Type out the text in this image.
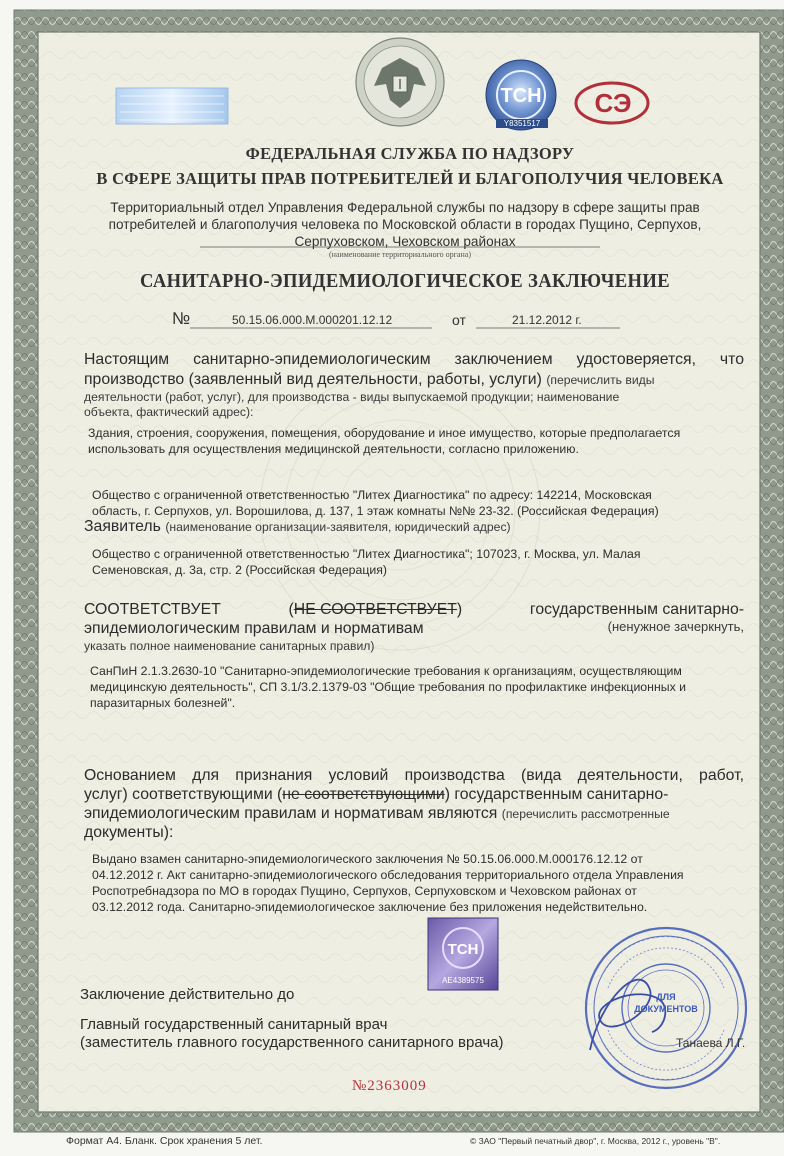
ТСН
ТСН
СЭ
Y8351517
ФЕДЕРАЛЬНАЯ СЛУЖБА ПО НАДЗОРУ
В СФЕРЕ ЗАЩИТЫ ПРАВ ПОТРЕБИТЕЛЕЙ И БЛАГОПОЛУЧИЯ ЧЕЛОВЕКА
Территориальный отдел Управления Федеральной службы по надзору в сфере защиты прав
потребителей и благополучия человека по Московской области в городах Пущино, Серпухов,
Серпуховском, Чеховском районах
(наименование территориального органа)
САНИТАРНО-ЭПИДЕМИОЛОГИЧЕСКОЕ ЗАКЛЮЧЕНИЕ
№	50.15.06.000.М.000201.12.12	от	21.12.2012 г.
Настоящим санитарно-эпидемиологическим заключением удостоверяется, что
производство (заявленный вид деятельности, работы, услуги) (перечислить виды
деятельности (работ, услуг), для производства - виды выпускаемой продукции; наименование
объекта, фактический адрес):
Здания, строения, сооружения, помещения, оборудование и иное имущество, которые предполагается
использовать для осуществления медицинской деятельности, согласно приложению.
Общество с ограниченной ответственностью "Литех Диагностика" по адресу: 142214, Московская
область, г. Серпухов, ул. Ворошилова, д. 137, 1 этаж комнаты №№ 23-32. (Российская Федерация)
Заявитель (наименование организации-заявителя, юридический адрес)
Общество с ограниченной ответственностью "Литех Диагностика"; 107023, г. Москва, ул. Малая
Семеновская, д. 3а, стр. 2 (Российская Федерация)
СООТВЕТСТВУЕТ	(НЕ СООТВЕТСТВУЕТ)	государственным санитарно-
эпидемиологическим правилам и нормативам	(ненужное зачеркнуть,
указать полное наименование санитарных правил)
СанПиН 2.1.3.2630-10 "Санитарно-эпидемиологические требования к организациям, осуществляющим
медицинскую деятельность", СП 3.1/3.2.1379-03 "Общие требования по профилактике инфекционных и
паразитарных болезней".
Основанием для признания условий производства (вида деятельности, работ,
услуг) соответствующими (не соответствующими) государственным санитарно-
эпидемиологическим правилам и нормативам являются (перечислить рассмотренные
документы):
Выдано взамен санитарно-эпидемиологического заключения № 50.15.06.000.М.000176.12.12 от
04.12.2012 г. Акт санитарно-эпидемиологического обследования территориального отдела Управления
Роспотребнадзора по МО в городах Пущино, Серпухов, Серпуховском и Чеховском районах от
03.12.2012 года. Санитарно-эпидемиологическое заключение без приложения недействительно.
AE4389575
Заключение действительно до
Главный государственный санитарный врач
(заместитель главного государственного санитарного врача)	Танаева Л.Г.
ДЛЯ
ДОКУМЕНТОВ
№2363009
Формат А4. Бланк. Срок хранения 5 лет.	© ЗАО "Первый печатный двор", г. Москва, 2012 г., уровень "В".
